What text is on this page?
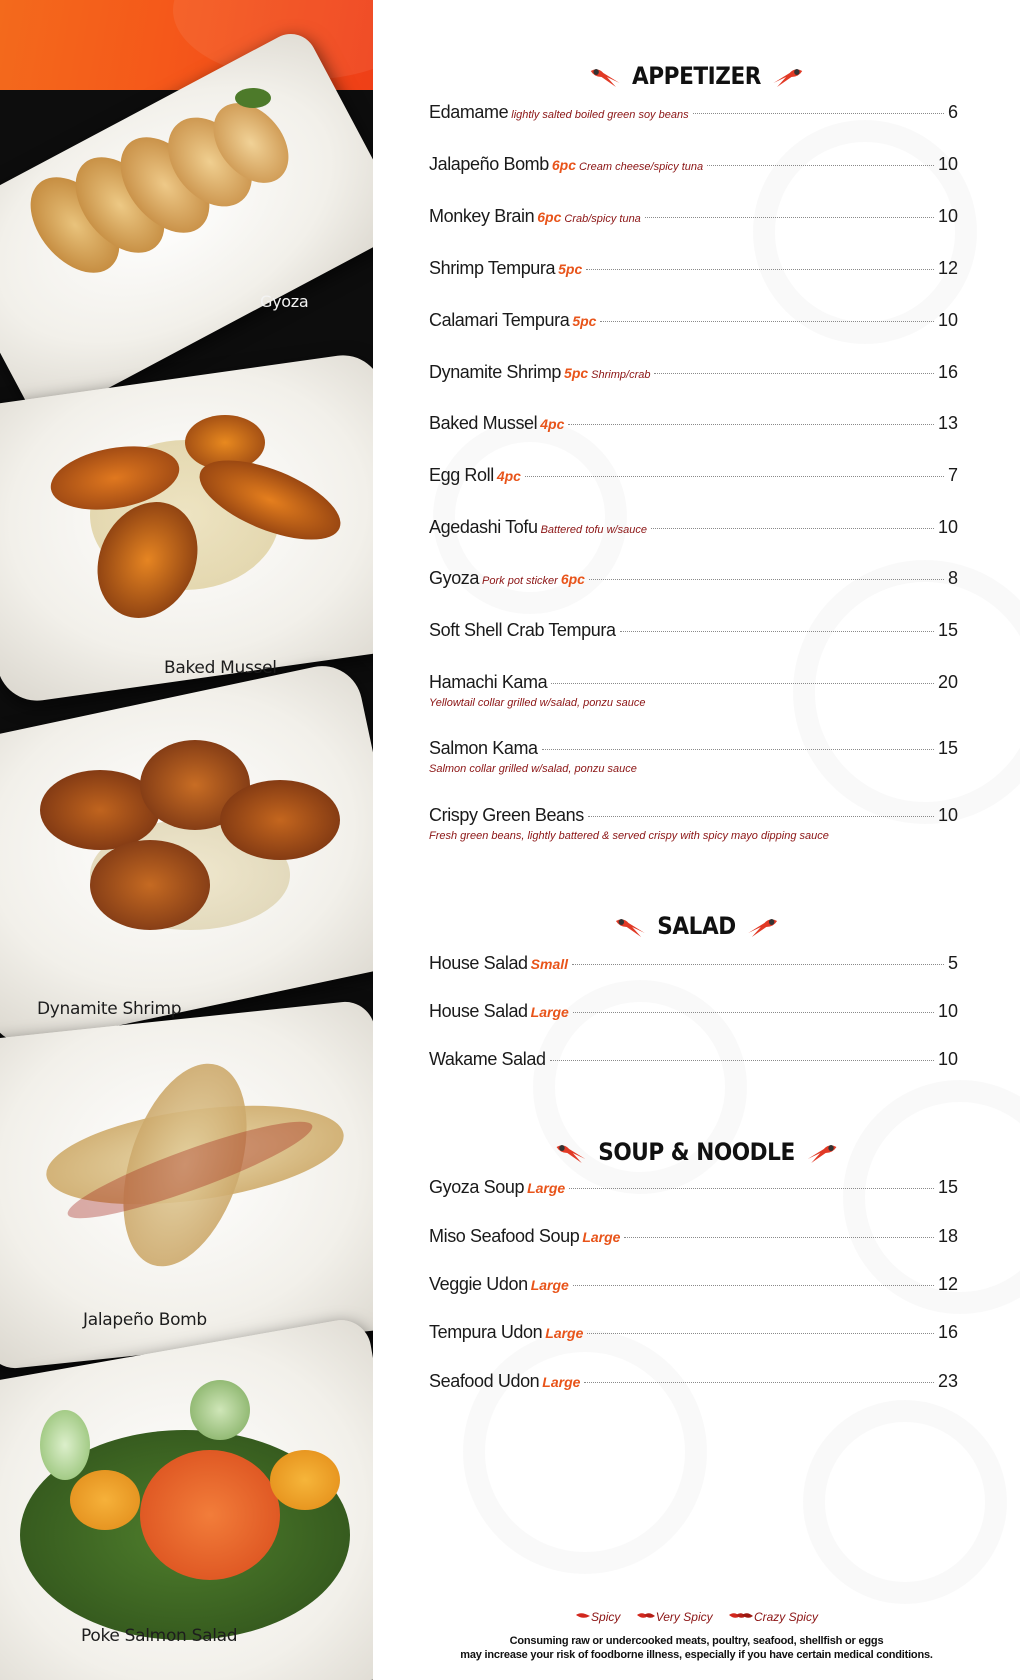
Gyoza
Baked Mussel
Dynamite Shrimp
Jalapeño Bomb
Poke Salmon Salad
APPETIZER
Edamame lightly salted boiled green soy beans	6
Jalapeño Bomb 6pc Cream cheese/spicy tuna	10
Monkey Brain 6pc Crab/spicy tuna	10
Shrimp Tempura 5pc	12
Calamari Tempura 5pc	10
Dynamite Shrimp 5pc Shrimp/crab	16
Baked Mussel 4pc	13
Egg Roll 4pc	7
Agedashi Tofu Battered tofu w/sauce	10
Gyoza Pork pot sticker 6pc	8
Soft Shell Crab Tempura	15
Hamachi Kama	20
Yellowtail collar grilled w/salad, ponzu sauce
Salmon Kama	15
Salmon collar grilled w/salad, ponzu sauce
Crispy Green Beans	10
Fresh green beans, lightly battered & served crispy with spicy mayo dipping sauce
SALAD
House Salad Small	5
House Salad Large	10
Wakame Salad	10
SOUP & NOODLE
Gyoza Soup Large	15
Miso Seafood Soup Large	18
Veggie Udon Large	12
Tempura Udon Large	16
Seafood Udon Large	23
Spicy	Very Spicy	Crazy Spicy
Consuming raw or undercooked meats, poultry, seafood, shellfish or eggs
may increase your risk of foodborne illness, especially if you have certain medical conditions.
